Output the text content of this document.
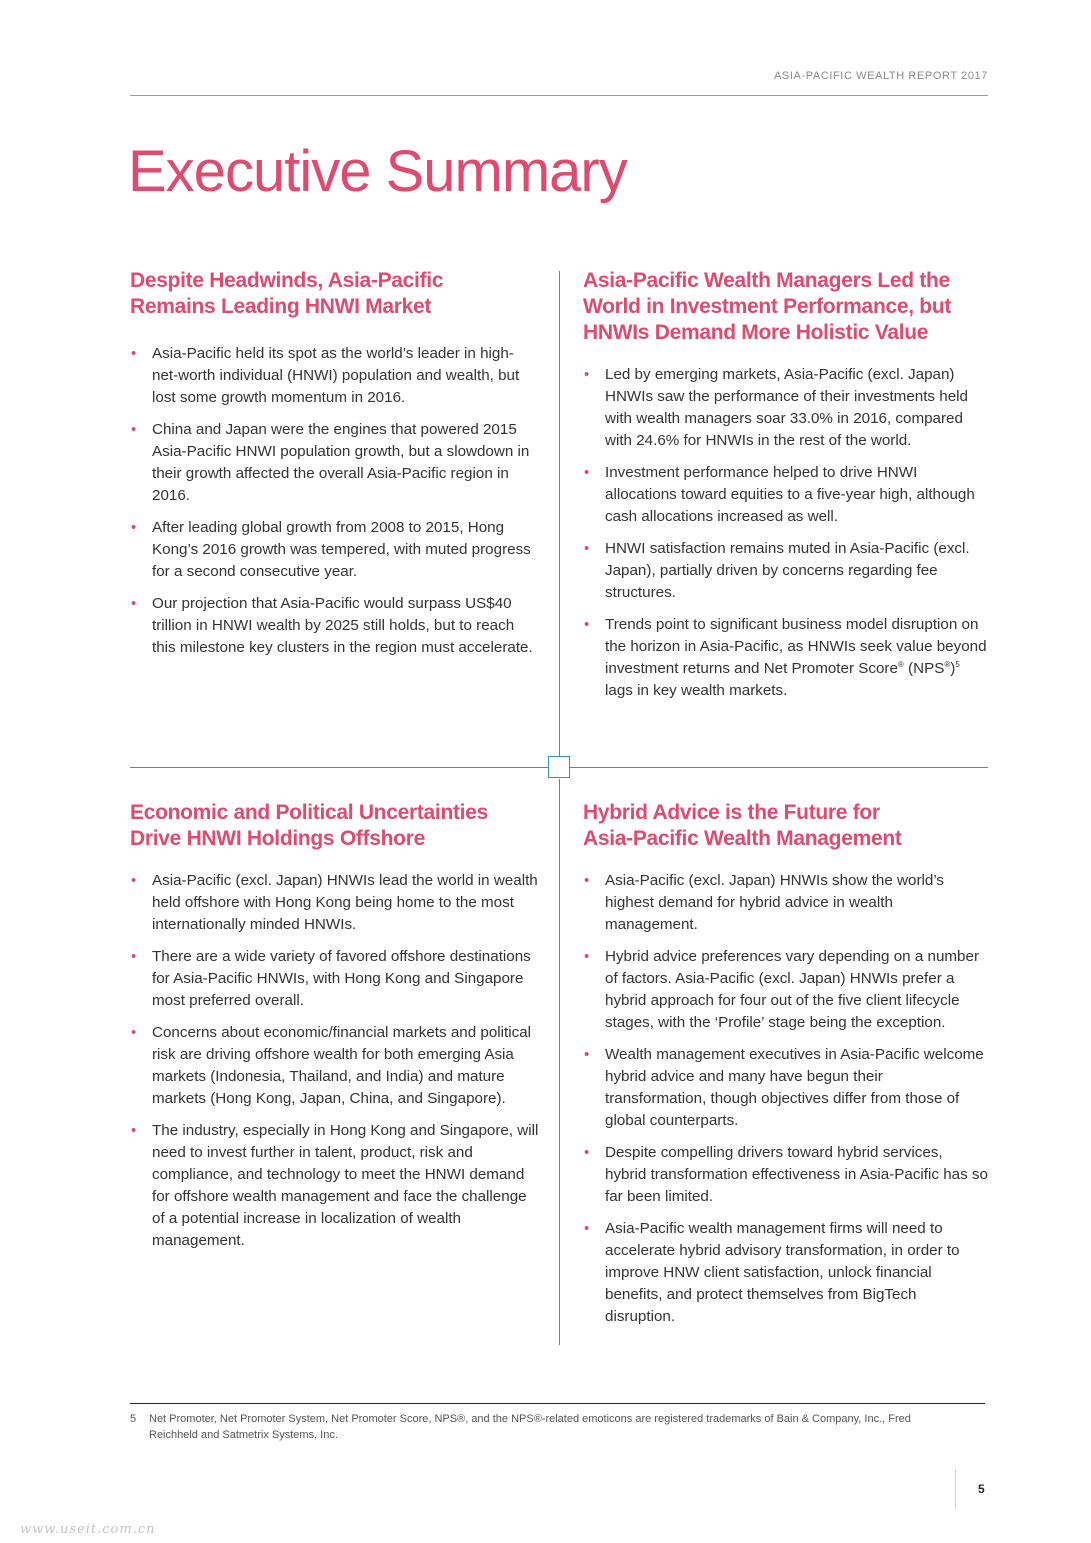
ASIA-PACIFIC WEALTH REPORT 2017
Executive Summary
Despite Headwinds, Asia-Pacific
Remains Leading HNWI Market
• Asia-Pacific held its spot as the world’s leader in high-net-worth individual (HNWI) population and wealth, but lost some growth momentum in 2016.
• China and Japan were the engines that powered 2015 Asia-Pacific HNWI population growth, but a slowdown in their growth affected the overall Asia-Pacific region in 2016.
• After leading global growth from 2008 to 2015, Hong Kong’s 2016 growth was tempered, with muted progress for a second consecutive year.
• Our projection that Asia-Pacific would surpass US$40 trillion in HNWI wealth by 2025 still holds, but to reach this milestone key clusters in the region must accelerate.
Asia-Pacific Wealth Managers Led the
World in Investment Performance, but
HNWIs Demand More Holistic Value
• Led by emerging markets, Asia-Pacific (excl. Japan) HNWIs saw the performance of their investments held with wealth managers soar 33.0% in 2016, compared with 24.6% for HNWIs in the rest of the world.
• Investment performance helped to drive HNWI allocations toward equities to a five-year high, although cash allocations increased as well.
• HNWI satisfaction remains muted in Asia-Pacific (excl. Japan), partially driven by concerns regarding fee structures.
• Trends point to significant business model disruption on the horizon in Asia-Pacific, as HNWIs seek value beyond investment returns and Net Promoter Score® $(NPS®)^5$ lags in key wealth markets.
Economic and Political Uncertainties
Drive HNWI Holdings Offshore
• Asia-Pacific (excl. Japan) HNWIs lead the world in wealth held offshore with Hong Kong being home to the most internationally minded HNWIs.
• There are a wide variety of favored offshore destinations for Asia-Pacific HNWIs, with Hong Kong and Singapore most preferred overall.
• Concerns about economic/financial markets and political risk are driving offshore wealth for both emerging Asia markets (Indonesia, Thailand, and India) and mature markets (Hong Kong, Japan, China, and Singapore).
• The industry, especially in Hong Kong and Singapore, will need to invest further in talent, product, risk and compliance, and technology to meet the HNWI demand for offshore wealth management and face the challenge of a potential increase in localization of wealth management.
Hybrid Advice is the Future for
Asia-Pacific Wealth Management
• Asia-Pacific (excl. Japan) HNWIs show the world’s highest demand for hybrid advice in wealth management.
• Hybrid advice preferences vary depending on a number of factors. Asia-Pacific (excl. Japan) HNWIs prefer a hybrid approach for four out of the five client lifecycle stages, with the ‘Profile’ stage being the exception.
• Wealth management executives in Asia-Pacific welcome hybrid advice and many have begun their transformation, though objectives differ from those of global counterparts.
• Despite compelling drivers toward hybrid services, hybrid transformation effectiveness in Asia-Pacific has so far been limited.
• Asia-Pacific wealth management firms will need to accelerate hybrid advisory transformation, in order to improve HNW client satisfaction, unlock financial benefits, and protect themselves from BigTech disruption.
5	Net Promoter, Net Promoter System, Net Promoter Score, NPS®, and the NPS®-related emoticons are registered trademarks of Bain & Company, Inc., Fred Reichheld and Satmetrix Systems, Inc.
5
www.useit.com.cn
